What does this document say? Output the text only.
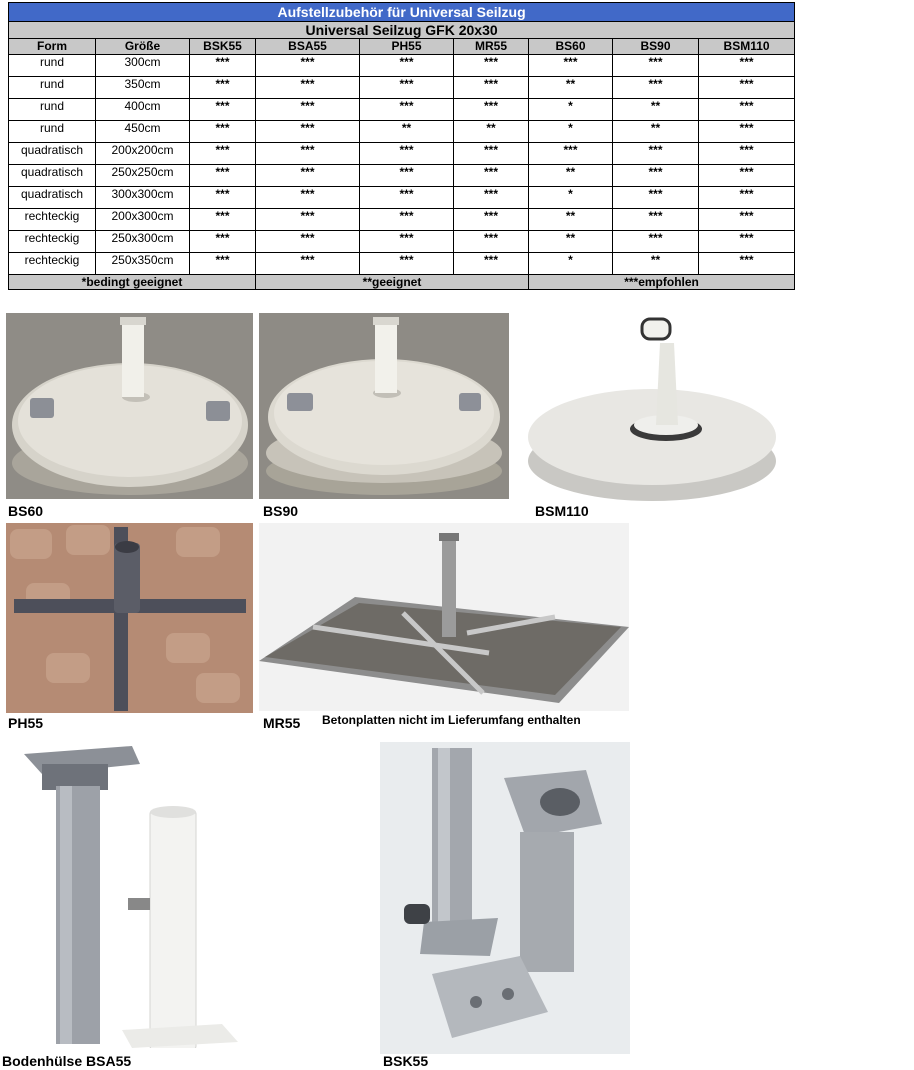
Aufstellzubehör für Universal Seilzug								
Universal Seilzug GFK 20x30								
Form	Größe	BSK55	BSA55	PH55	MR55	BS60	BS90	BSM110
rund	300cm	***	***	***	***	***	***	***
rund	350cm	***	***	***	***	**	***	***
rund	400cm	***	***	***	***	*	**	***
rund	450cm	***	***	**	**	*	**	***
quadratisch	200x200cm	***	***	***	***	***	***	***
quadratisch	250x250cm	***	***	***	***	**	***	***
quadratisch	300x300cm	***	***	***	***	*	***	***
rechteckig	200x300cm	***	***	***	***	**	***	***
rechteckig	250x300cm	***	***	***	***	**	***	***
rechteckig	250x350cm	***	***	***	***	*	**	***
*bedingt geeignet			**geeignet			***empfohlen		
BS60	BS90	BSM110
PH55	MR55 Betonplatten nicht im Lieferumfang enthalten
Bodenhülse BSA55	BSK55
